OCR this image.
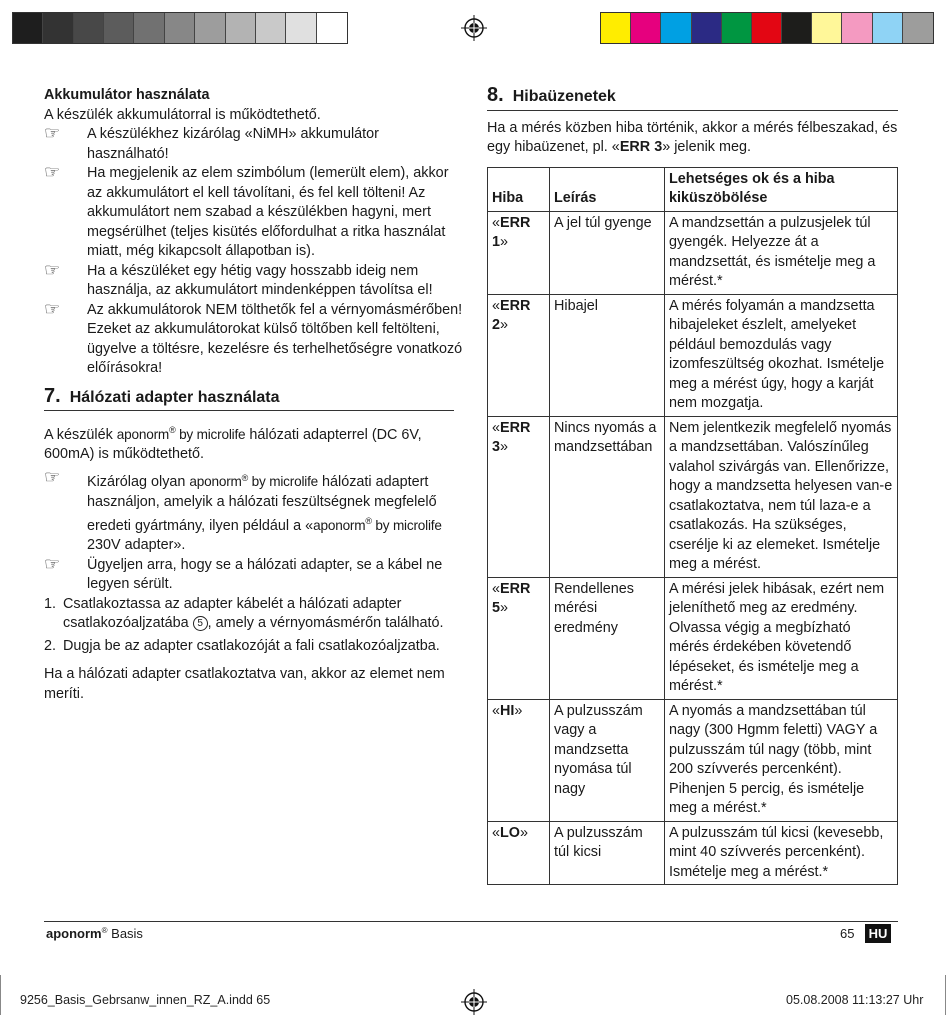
Akkumulátor használata

A készülék akkumulátorral is működtethető.

☞ A készülékhez kizárólag «NiMH» akkumulátor használható!
☞ Ha megjelenik az elem szimbólum (lemerült elem), akkor az akkumulátort el kell távolítani, és fel kell tölteni! Az akkumulátort nem szabad a készülékben hagyni, mert megsérülhet (teljes kisütés előfordulhat a ritka használat miatt, még kikapcsolt állapotban is).
☞ Ha a készüléket egy hétig vagy hosszabb ideig nem használja, az akkumulátort mindenképpen távolítsa el!
☞ Az akkumulátorok NEM tölthetők fel a vérnyomásmérőben! Ezeket az akkumulátorokat külső töltőben kell feltölteni, ügyelve a töltésre, kezelésre és terhelhetőségre vonatkozó előírásokra!
7. Hálózati adapter használata

A készülék aponorm® by microlife hálózati adapterrel (DC 6V, 600mA) is működtethető.

☞ Kizárólag olyan aponorm® by microlife hálózati adaptert használjon, amelyik a hálózati feszültségnek megfelelő eredeti gyártmány, ilyen például a «aponorm® by microlife 230V adapter».
☞ Ügyeljen arra, hogy se a hálózati adapter, se a kábel ne legyen sérült.
1. Csatlakoztassa az adapter kábelét a hálózati adapter csatlakozóaljzatába 5 , amely a vérnyomásmérőn található.
2. Dugja be az adapter csatlakozóját a fali csatlakozóaljzatba.

Ha a hálózati adapter csatlakoztatva van, akkor az elemet nem meríti.

8. Hibaüzenetek

Ha a mérés közben hiba történik, akkor a mérés félbeszakad, és egy hibaüzenet, pl. «ERR 3» jelenik meg.

Hiba	Leírás	Lehetséges ok és a hiba kiküszöbölése
«ERR 1»	A jel túl gyenge	A mandzsettán a pulzusjelek túl gyengék. Helyezze át a mandzsettát, és ismételje meg a mérést.*
«ERR 2»	Hibajel	A mérés folyamán a mandzsetta hibajeleket észlelt, amelyeket például bemozdulás vagy izomfeszültség okozhat. Ismételje meg a mérést úgy, hogy a karját nem mozgatja.
«ERR 3»	Nincs nyomás a mandzsettában	Nem jelentkezik megfelelő nyomás a mandzsettában. Valószínűleg valahol szivárgás van. Ellenőrizze, hogy a mandzsetta helyesen van-e csatlakoztatva, nem túl laza-e a csatlakozás. Ha szükséges, cserélje ki az elemeket. Ismételje meg a mérést.
«ERR 5»	Rendellenes mérési eredmény	A mérési jelek hibásak, ezért nem jeleníthető meg az eredmény. Olvassa végig a megbízható mérés érdekében követendő lépéseket, és ismételje meg a mérést.*
«HI»	A pulzusszám vagy a mandzsetta nyomása túl nagy	A nyomás a mandzsettában túl nagy (300 Hgmm feletti) VAGY a pulzusszám túl nagy (több, mint 200 szívverés percenként). Pihenjen 5 percig, és ismételje meg a mérést.*
«LO»	A pulzusszám túl kicsi	A pulzusszám túl kicsi (kevesebb, mint 40 szívverés percenként). Ismételje meg a mérést.*
aponorm® Basis	65 HU
9256_Basis_Gebrsanw_innen_RZ_A.indd 65	05.08.2008 11:13:27 Uhr
